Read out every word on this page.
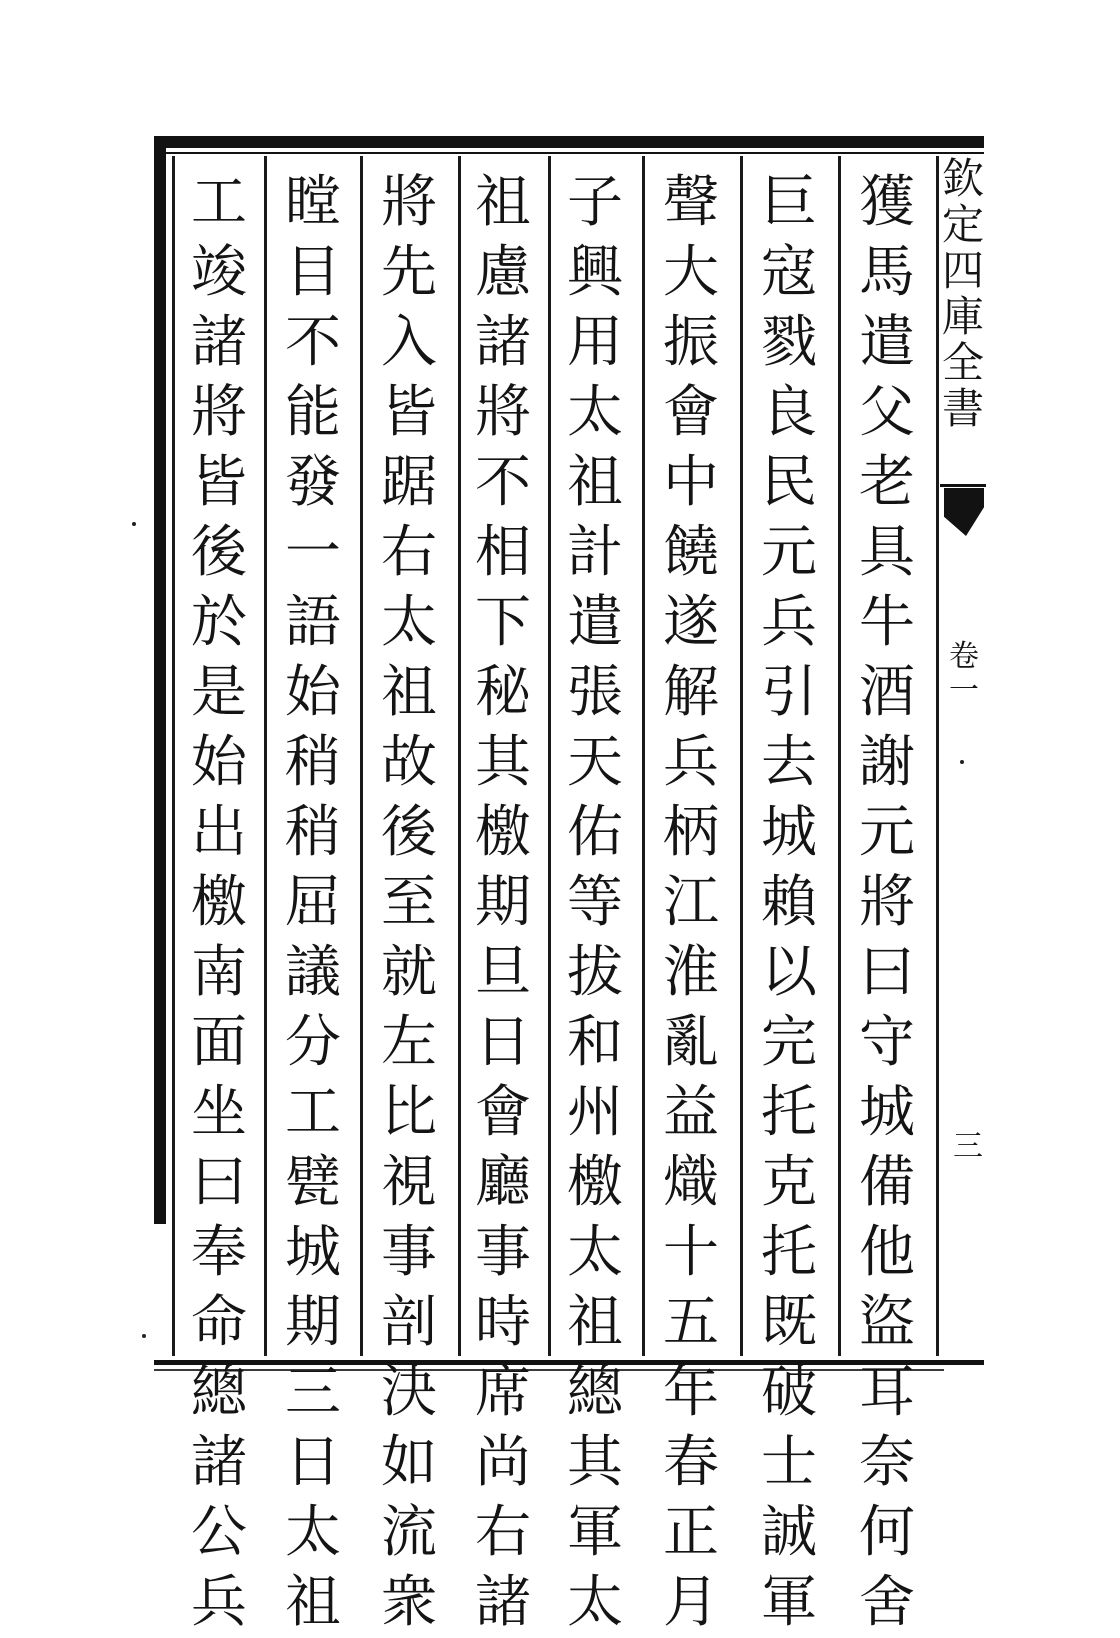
獲馬遣父老具牛酒謝元將曰守城備他盜耳奈何舍
巨寇戮良民元兵引去城賴以完托克托既破士誠軍
聲大振會中饒遂解兵柄江淮亂益熾十五年春正月
子興用太祖計遣張天佑等拔和州檄太祖總其軍太
祖慮諸將不相下秘其檄期旦日會廳事時席尚右諸
將先入皆踞右太祖故後至就左比視事剖決如流衆
瞠目不能發一語始稍稍屈議分工甓城期三日太祖
工竣諸將皆後於是始出檄南面坐曰奉命總諸公兵
欽定四庫全書
卷一
三
